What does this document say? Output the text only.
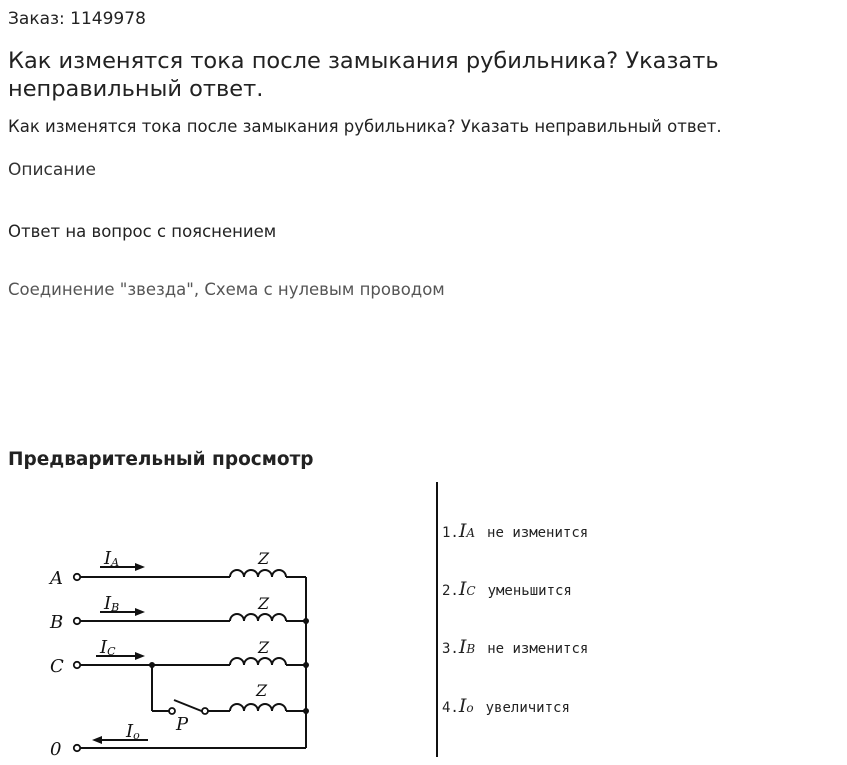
Заказ: 1149978
Как изменятся тока после замыкания рубильника? Указать неправильный ответ.
Как изменятся тока после замыкания рубильника? Указать неправильный ответ.
Описание
Ответ на вопрос с пояснением
Соединение "звезда", Схема с нулевым проводом
Предварительный просмотр
A
B
C
0
IA
IB
IC
Io
Z
Z
Z
Z
P
1.IA не изменится
2.IC уменьшится
3.IB не изменится
4.Io увеличится
